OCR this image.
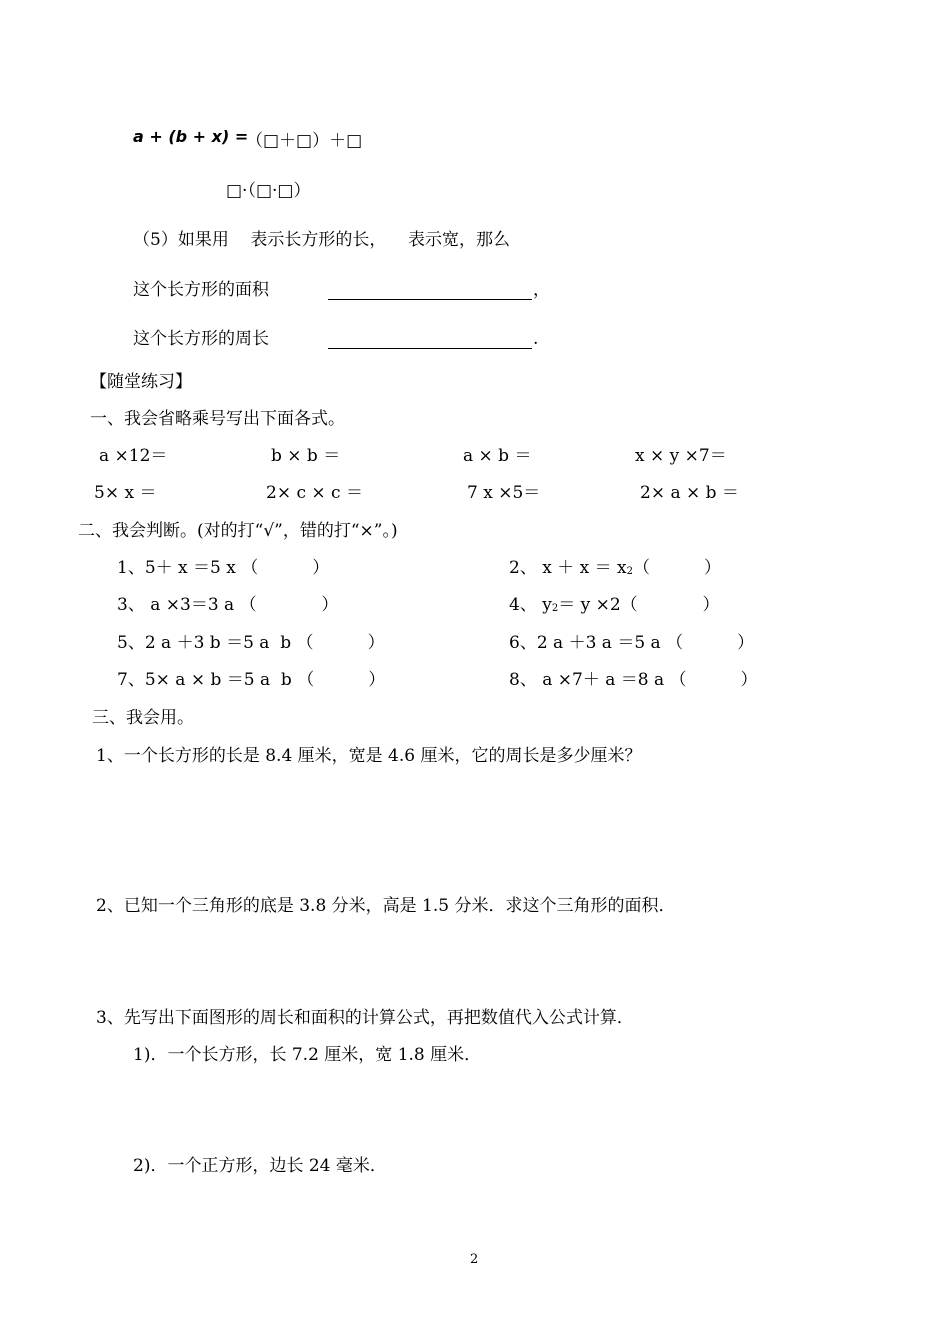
a + (b + x) =
（□＋□）＋□
□·（□·□）
（5）如果用    表示长方形的长，    表示宽，那么
这个长方形的面积	，
这个长方形的周长	.
【随堂练习】
一、我会省略乘号写出下面各式。
a ×12＝	b × b ＝	a × b ＝	x × y ×7＝
5× x ＝	2× c × c ＝	7 x ×5＝	2× a × b ＝
二、我会判断。(对的打“√”，错的打“×”。)
1、5＋ x ＝5 x （          ）	2、 $x + x = x_2$（          ）
3、 a ×3＝3 a （            ）	4、 $y_2= y \times 2$（            ）
5、2 a ＋3 b ＝5 a  b （          ）	6、2 a ＋3 a ＝5 a （          ）
7、5× a × b ＝5 a  b （          ）	8、 a ×7＋ a ＝8 a （          ）
三、我会用。
1、一个长方形的长是 8.4 厘米，宽是 4.6 厘米，它的周长是多少厘米？
2、已知一个三角形的底是 3.8 分米，高是 1.5 分米．求这个三角形的面积．
3、先写出下面图形的周长和面积的计算公式，再把数值代入公式计算．
1)．一个长方形，长 7.2 厘米，宽 1.8 厘米．
2)．一个正方形，边长 24 毫米．
2
